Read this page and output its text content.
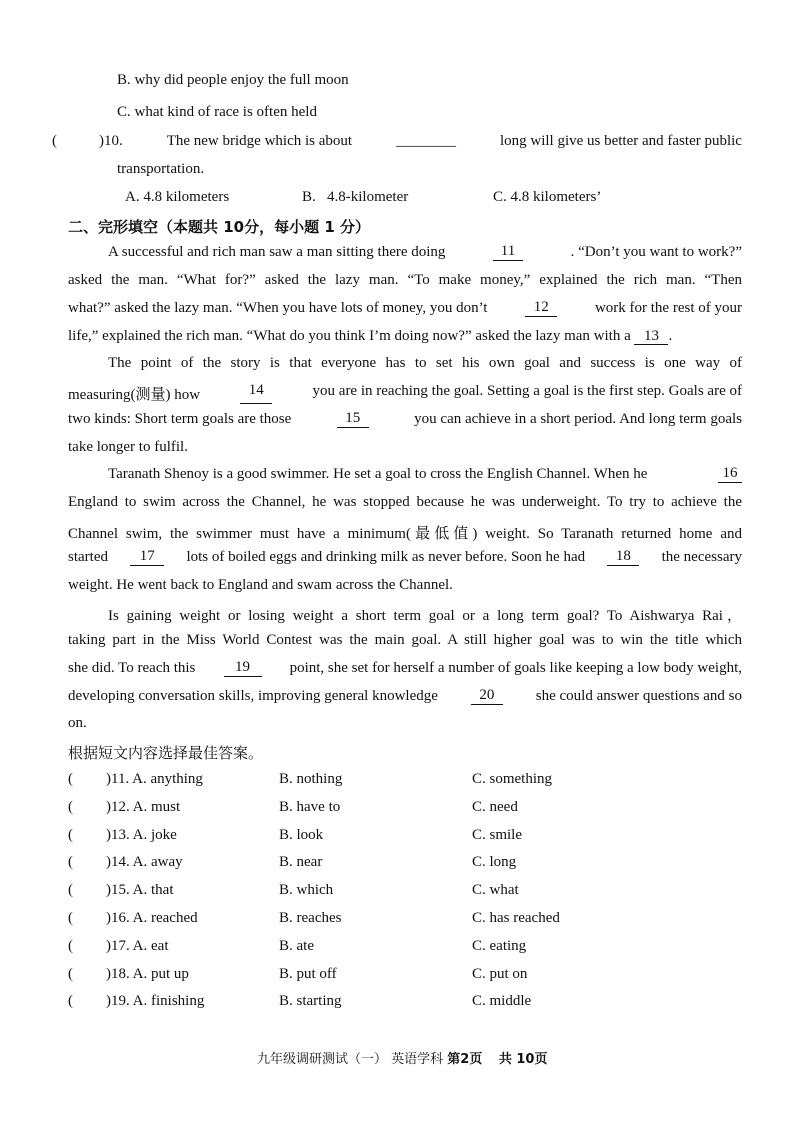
B. why did people enjoy the full moon
C. what kind of race is often held
(	)10.	The new bridge which is about	________	long will give us better and faster public
transportation.
A. 4.8 kilometers	B.   4.8-kilometer	C. 4.8 kilometers’
二、完形填空（本题共 10分，每小题 1 分）
A successful and rich man saw a man sitting there doing	11	. “Don’t you want to work?”
asked the man. “What for?” asked the lazy man. “To make money,” explained the rich man. “Then
what?” asked the lazy man. “When you have lots of money, you don’t	12	work for the rest of your
life,” explained the rich man. “What do you think I’m doing now?” asked the lazy man with a 13 .
The point of the story is that everyone has to set his own goal and success is one way of
measuring(测量) how	14	you are in reaching the goal. Setting a goal is the first step. Goals are of
two kinds: Short term goals are those	15	you can achieve in a short period. And long term goals
take longer to fulfil.
Taranath Shenoy is a good swimmer. He set a goal to cross the English Channel. When he	16
England to swim across the Channel, he was stopped because he was underweight. To try to achieve the
Channel swim, the swimmer must have a minimum(最低值) weight. So Taranath returned home and
started	17	lots of boiled eggs and drinking milk as never before. Soon he had	18	the necessary
weight. He went back to England and swam across the Channel.
Is gaining weight or losing weight a short term goal or a long term goal? To Aishwarya Rai，
taking part in the Miss World Contest was the main goal. A still higher goal was to win the title which
she did. To reach this	19	point, she set for herself a number of goals like keeping a low body weight,
developing conversation skills, improving general knowledge	20	she could answer questions and so
on.
根据短文内容选择最佳答案。
( )11. A. anything	B. nothing	C. something
( )12. A. must	B. have to	C. need
( )13. A. joke	B. look	C. smile
( )14. A. away	B. near	C. long
( )15. A. that	B. which	C. what
( )16. A. reached	B. reaches	C. has reached
( )17. A. eat	B. ate	C. eating
( )18. A. put up	B. put off	C. put on
( )19. A. finishing	B. starting	C. middle
九年级调研测试（一） 英语学科 第2页 共 10页
